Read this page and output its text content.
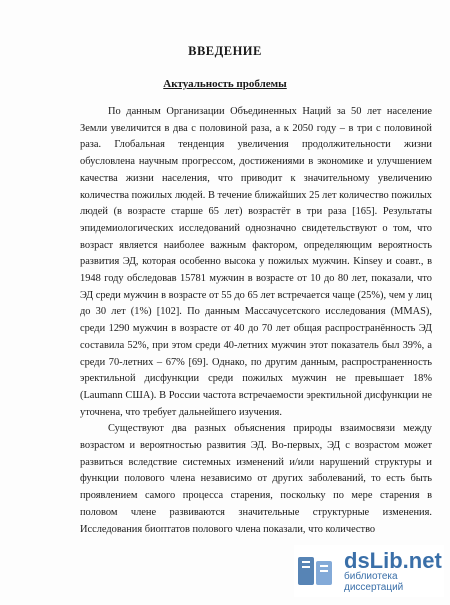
ВВЕДЕНИЕ
Актуальность проблемы

По данным Организации Объединенных Наций за 50 лет население Земли увеличится в два с половиной раза, а к 2050 году – в три с половиной раза. Глобальная тенденция увеличения продолжительности жизни обусловлена научным прогрессом, достижениями в экономике и улучшением качества жизни населения, что приводит к значительному увеличению количества пожилых людей. В течение ближайших 25 лет количество пожилых людей (в возрасте старше 65 лет) возрастёт в три раза [165]. Результаты эпидемиологических исследований однозначно свидетельствуют о том, что возраст является наиболее важным фактором, определяющим вероятность развития ЭД, которая особенно высока у пожилых мужчин. Kinsey и соавт., в 1948 году обследовав 15781 мужчин в возрасте от 10 до 80 лет, показали, что ЭД среди мужчин в возрасте от 55 до 65 лет встречается чаще (25%), чем у лиц до 30 лет (1%) [102]. По данным Массачусетского исследования (MMAS), среди 1290 мужчин в возрасте от 40 до 70 лет общая распространённость ЭД составила 52%, при этом среди 40-летних мужчин этот показатель был 39%, а среди 70-летних – 67% [69]. Однако, по другим данным, распространенность эректильной дисфункции среди пожилых мужчин не превышает 18% (Laumann США). В России частота встречаемости эректильной дисфункции не уточнена, что требует дальнейшего изучения.

Существуют два разных объяснения природы взаимосвязи между возрастом и вероятностью развития ЭД. Во-первых, ЭД с возрастом может развиться вследствие системных изменений и/или нарушений структуры и функции полового члена независимо от других заболеваний, то есть быть проявлением самого процесса старения, поскольку по мере старения в половом члене развиваются значительные структурные изменения. Исследования биоптатов полового члена показали, что количество

dsLib.net
библиотека диссертаций
